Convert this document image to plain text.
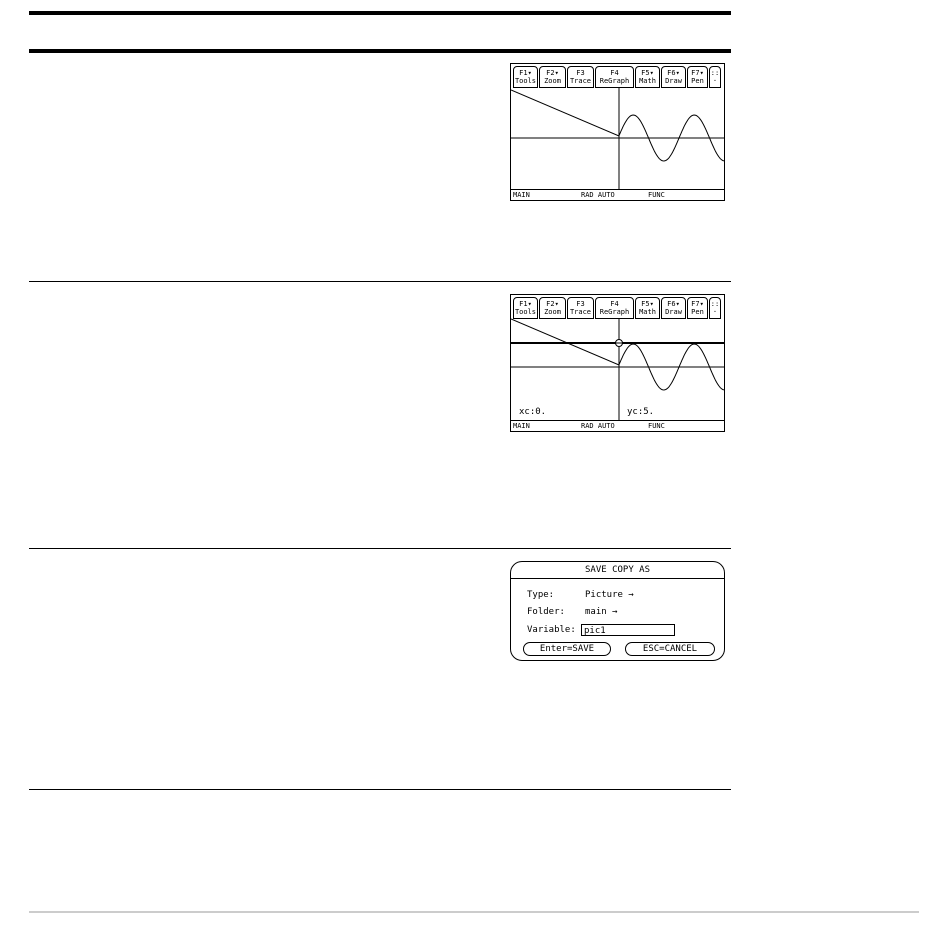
F1▾
Tools
F2▾
Zoom
F3
Trace
F4
ReGraph
F5▾
Math
F6▾
Draw
F7▾
Pen
::
·
MAIN	RAD AUTO	FUNC
F1▾
Tools
F2▾
Zoom
F3
Trace
F4
ReGraph
F5▾
Math
F6▾
Draw
F7▾
Pen
::
·
xc:0.	yc:5.
MAIN	RAD AUTO	FUNC
SAVE COPY AS
Type:	Picture →
Folder: main →
Variable: pic1
Enter=SAVE	ESC=CANCEL
